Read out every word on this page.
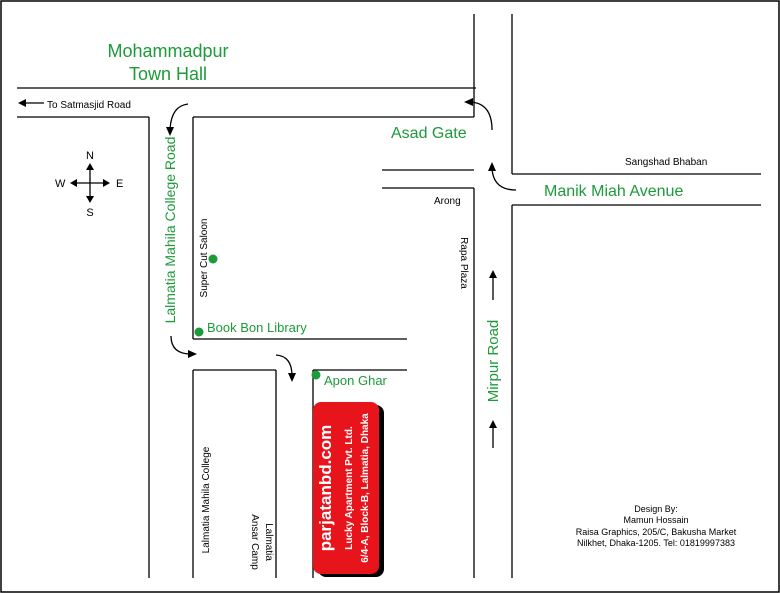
N
S
E
W
Mohammadpur
Town Hall
Asad Gate
Manik Miah Avenue
Book Bon Library
Apon Ghar
Lalmatia Mahila College Road
Mirpur Road
To Satmasjid Road
Sangshad Bhaban
Arong
Rapa Plaza
Super Cut Saloon
Lalmatia Mahila College	Lalmatia
Ansar Camp	parjatanbd.com Lucky Apartment Pvt. Ltd. 6/4-A, Block-B, Lalmatia, Dhaka	Design By:
Mamun Hossain
Raisa Graphics, 205/C, Bakusha Market
Nilkhet, Dhaka-1205. Tel: 01819997383
